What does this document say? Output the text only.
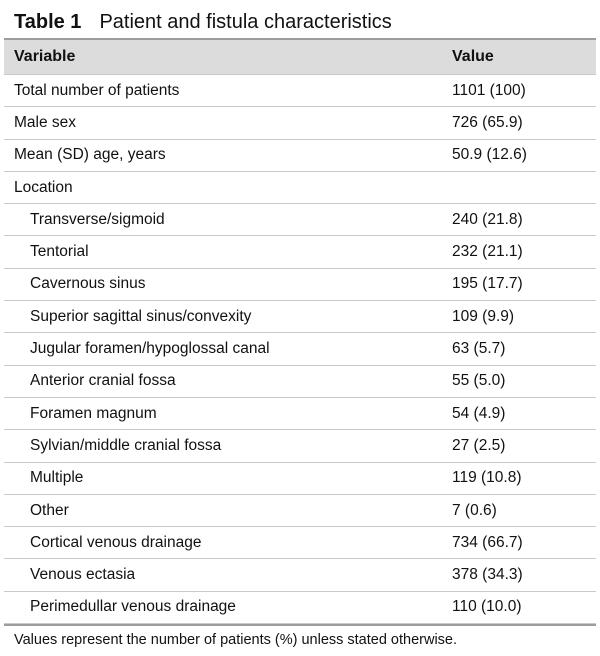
Table 1 Patient and fistula characteristics
Variable	Value
Total number of patients	1101 (100)
Male sex	726 (65.9)
Mean (SD) age, years	50.9 (12.6)
Location
Transverse/sigmoid	240 (21.8)
Tentorial	232 (21.1)
Cavernous sinus	195 (17.7)
Superior sagittal sinus/convexity	109 (9.9)
Jugular foramen/hypoglossal canal	63 (5.7)
Anterior cranial fossa	55 (5.0)
Foramen magnum	54 (4.9)
Sylvian/middle cranial fossa	27 (2.5)
Multiple	119 (10.8)
Other	7 (0.6)
Cortical venous drainage	734 (66.7)
Venous ectasia	378 (34.3)
Perimedullar venous drainage	110 (10.0)
Values represent the number of patients (%) unless stated otherwise.
